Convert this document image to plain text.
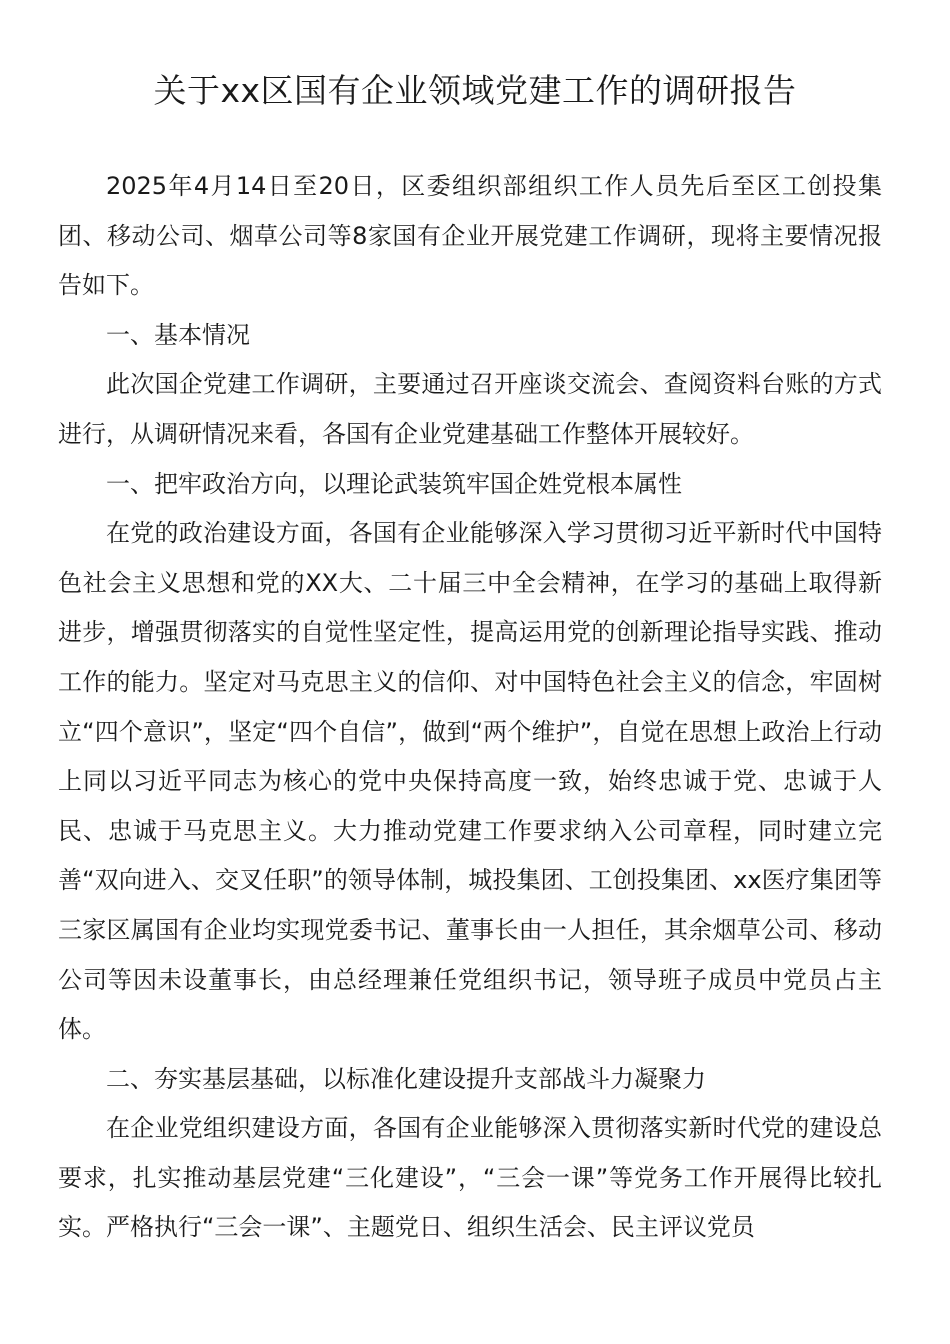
关于xx区国有企业领域党建工作的调研报告

2025年4月14日至20日，区委组织部组织工作人员先后至区工创投集团、移动公司、烟草公司等8家国有企业开展党建工作调研，现将主要情况报告如下。

一、基本情况

此次国企党建工作调研，主要通过召开座谈交流会、查阅资料台账的方式进行，从调研情况来看，各国有企业党建基础工作整体开展较好。

一、把牢政治方向，以理论武装筑牢国企姓党根本属性

在党的政治建设方面，各国有企业能够深入学习贯彻习近平新时代中国特色社会主义思想和党的XX大、二十届三中全会精神，在学习的基础上取得新进步，增强贯彻落实的自觉性坚定性，提高运用党的创新理论指导实践、推动工作的能力。坚定对马克思主义的信仰、对中国特色社会主义的信念，牢固树立“四个意识”，坚定“四个自信”，做到“两个维护”，自觉在思想上政治上行动上同以习近平同志为核心的党中央保持高度一致，始终忠诚于党、忠诚于人民、忠诚于马克思主义。大力推动党建工作要求纳入公司章程，同时建立完善“双向进入、交叉任职”的领导体制，城投集团、工创投集团、xx医疗集团等三家区属国有企业均实现党委书记、董事长由一人担任，其余烟草公司、移动公司等因未设董事长，由总经理兼任党组织书记，领导班子成员中党员占主体。

二、夯实基层基础，以标准化建设提升支部战斗力凝聚力

在企业党组织建设方面，各国有企业能够深入贯彻落实新时代党的建设总要求，扎实推动基层党建“三化建设”，“三会一课”等党务工作开展得比较扎实。严格执行“三会一课”、主题党日、组织生活会、民主评议党员
